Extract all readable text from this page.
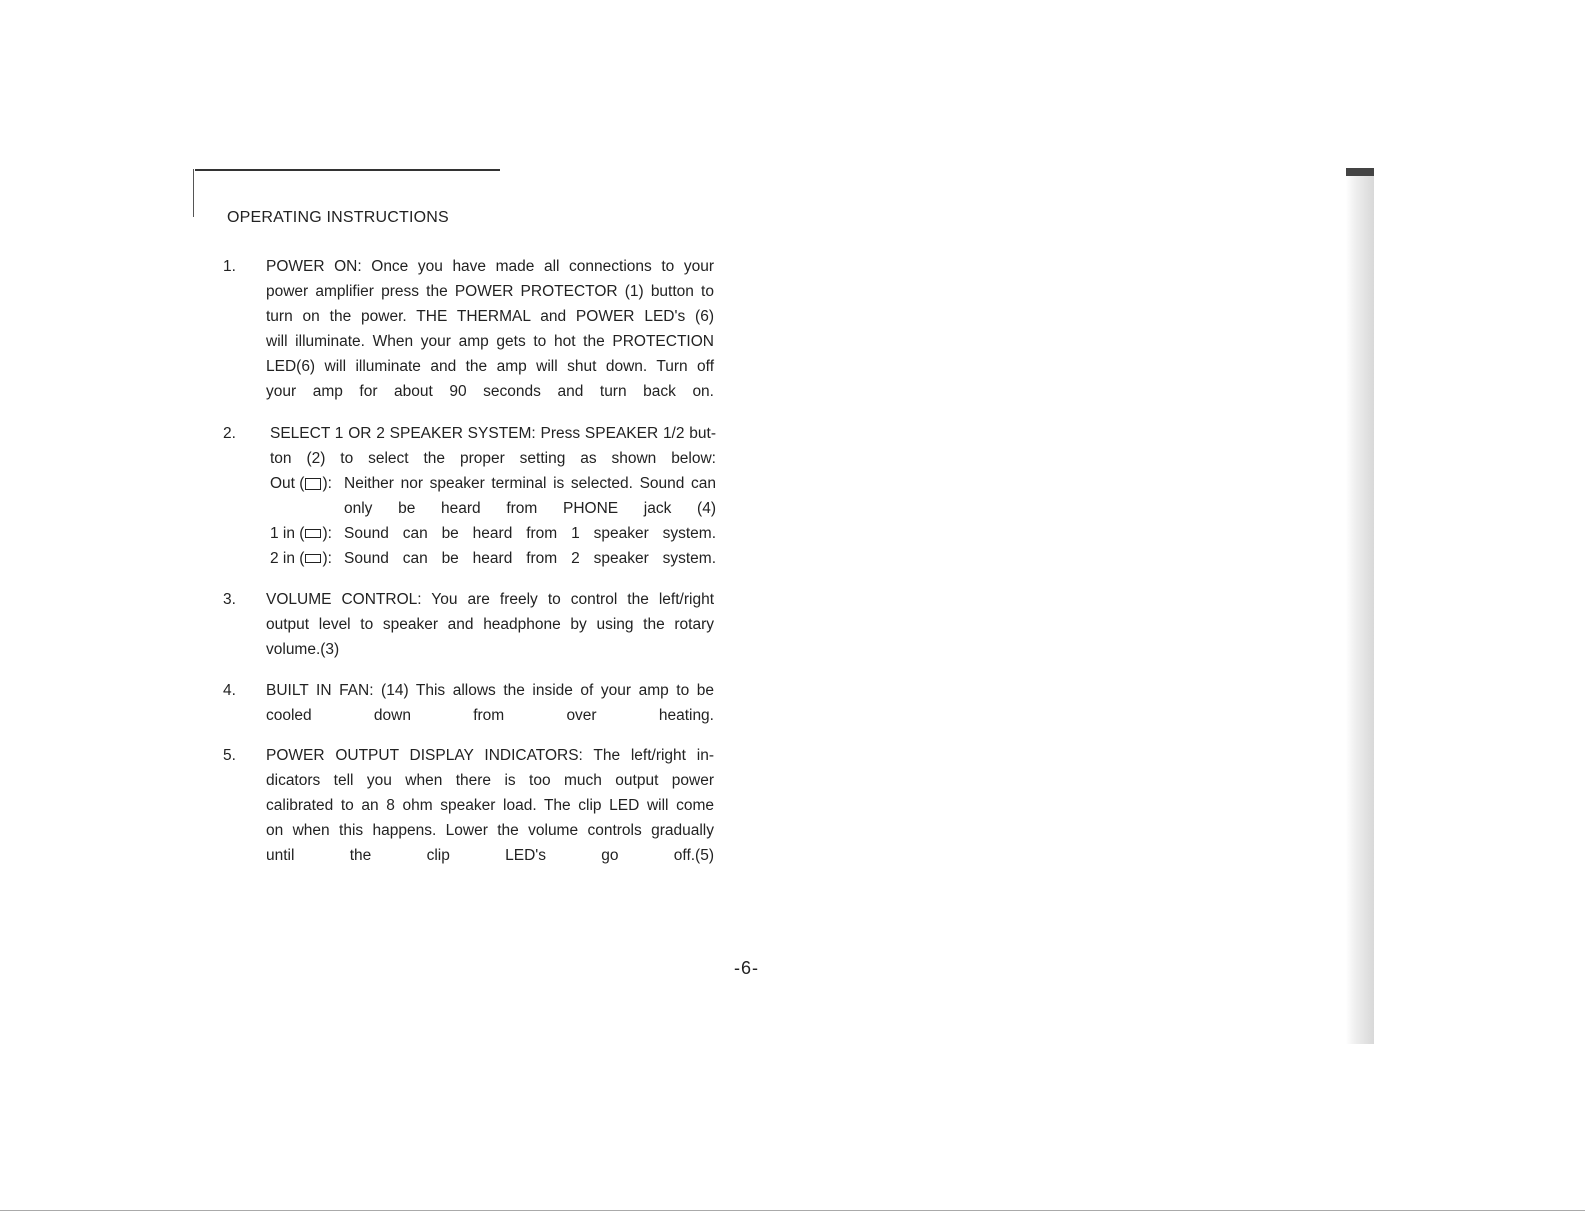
OPERATING INSTRUCTIONS
1. POWER ON: Once you have made all connections to your
power amplifier press the POWER PROTECTOR (1) button to
turn on the power. THE THERMAL and POWER LED's (6)
will illuminate. When your amp gets to hot the PROTECTION
LED(6) will illuminate and the amp will shut down. Turn off
your amp for about 90 seconds and turn back on.
2. SELECT 1 OR 2 SPEAKER SYSTEM: Press SPEAKER 1/2 but-
ton (2) to select the proper setting as shown below:
Out ( ): Neither nor speaker terminal is selected. Sound can
only be heard from PHONE jack (4)
1 in ( ): Sound can be heard from 1 speaker system.
2 in ( ): Sound can be heard from 2 speaker system.
3. VOLUME CONTROL: You are freely to control the left/right
output level to speaker and headphone by using the rotary
volume.(3)
4. BUILT IN FAN: (14) This allows the inside of your amp to be
cooled down from over heating.
5. POWER OUTPUT DISPLAY INDICATORS: The left/right in-
dicators tell you when there is too much output power
calibrated to an 8 ohm speaker load. The clip LED will come
on when this happens. Lower the volume controls gradually
until the clip LED's go off.(5)
-6-
